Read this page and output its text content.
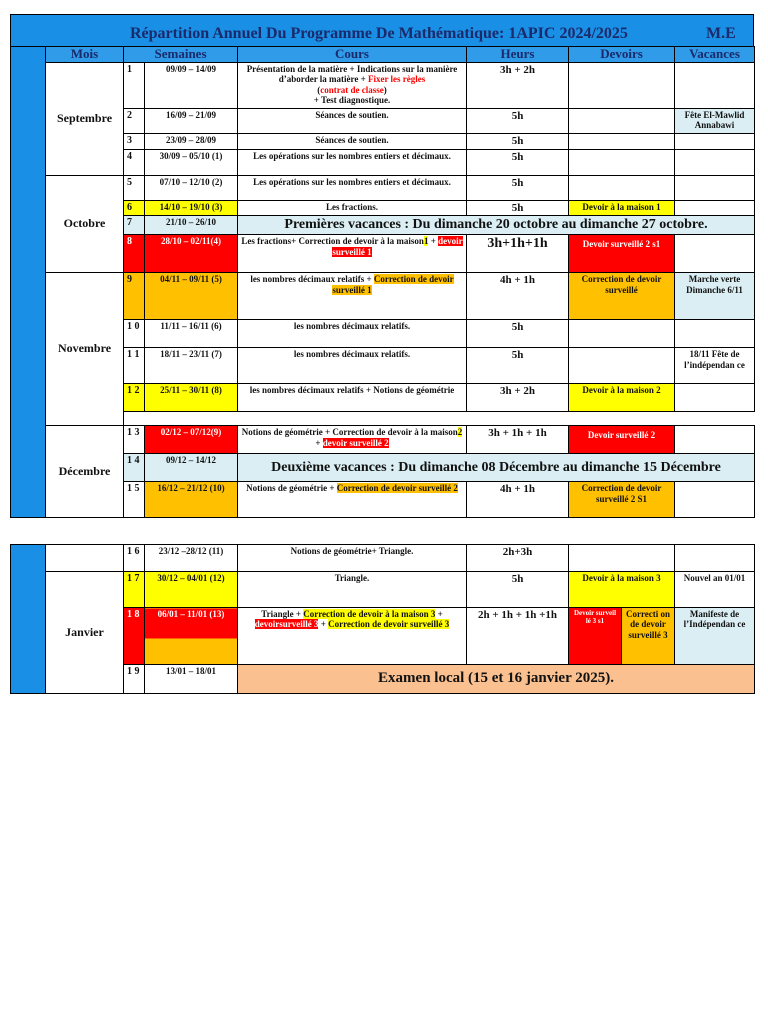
Répartition Annuel Du Programme De Mathématique: 1APIC 2024/2025	M.E
	Mois	Semaines		Cours	Heurs	Devoirs	Vacances
	Septembre	1	09/09 – 14/09	Présentation de la matière + Indications sur la manière d’aborder la matière + Fixer les règles
(contrat de classe)
+ Test diagnostique.	3h + 2h		
		2	16/09 – 21/09	Séances de soutien.	5h		Fête El-Mawlid Annabawi
		3	23/09 – 28/09	Séances de soutien.	5h		
		4	30/09 – 05/10 (1)	Les opérations sur les nombres entiers et décimaux.	5h		
	Octobre	5	07/10 – 12/10 (2)	Les opérations sur les nombres entiers et décimaux.	5h		
		6	14/10 – 19/10 (3)	Les fractions.	5h	Devoir à la maison 1	
		7	21/10 – 26/10	Premières vacances : Du dimanche 20 octobre au dimanche 27 octobre.			
		8	28/10 – 02/11(4)	Les fractions+ Correction de devoir à la maison1 + devoir surveillé 1	3h+1h+1h	Devoir surveillé 2 s1	
	Novembre	9	04/11 – 09/11 (5)	les nombres décimaux relatifs + Correction de devoir surveillé 1	4h + 1h	Correction de devoir surveillé	Marche verte Dimanche 6/11
		1 0	11/11 – 16/11 (6)	les nombres décimaux relatifs.	5h		
		1 1	18/11 – 23/11 (7)	les nombres décimaux relatifs.	5h		18/11 Fête de l’indépendan ce
		1 2	25/11 – 30/11 (8)	les nombres décimaux relatifs + Notions de géométrie	3h + 2h	Devoir à la maison 2	

	Décembre	1 3	02/12 – 07/12(9)	Notions de géométrie + Correction de devoir à la maison2 + devoir surveillé 2	3h + 1h + 1h	Devoir surveillé 2	
		1 4	09/12 – 14/12	Deuxième vacances : Du dimanche 08 Décembre au dimanche 15 Décembre			
		1 5	16/12 – 21/12 (10)	Notions de géométrie + Correction de devoir surveillé 2	4h + 1h	Correction de devoir surveillé 2 S1	
		1 6	23/12 –28/12 (11)	Notions de géométrie+ Triangle.	2h+3h			
	Janvier	1 7	30/12 – 04/01 (12)	Triangle.	5h	Devoir à la maison 3		Nouvel an 01/01
		1 8	06/01 – 11/01 (13)	Triangle + Correction de devoir à la maison 3 +
devoirsurveillé 3 + Correction de devoir surveillé 3	2h + 1h + 1h +1h	Devoir surveil lé 3 s1	Correcti on de devoir surveillé 3	Manifeste de l’Indépendan ce
		1 9	13/01 – 18/01	Examen local (15 et 16 janvier 2025).				
